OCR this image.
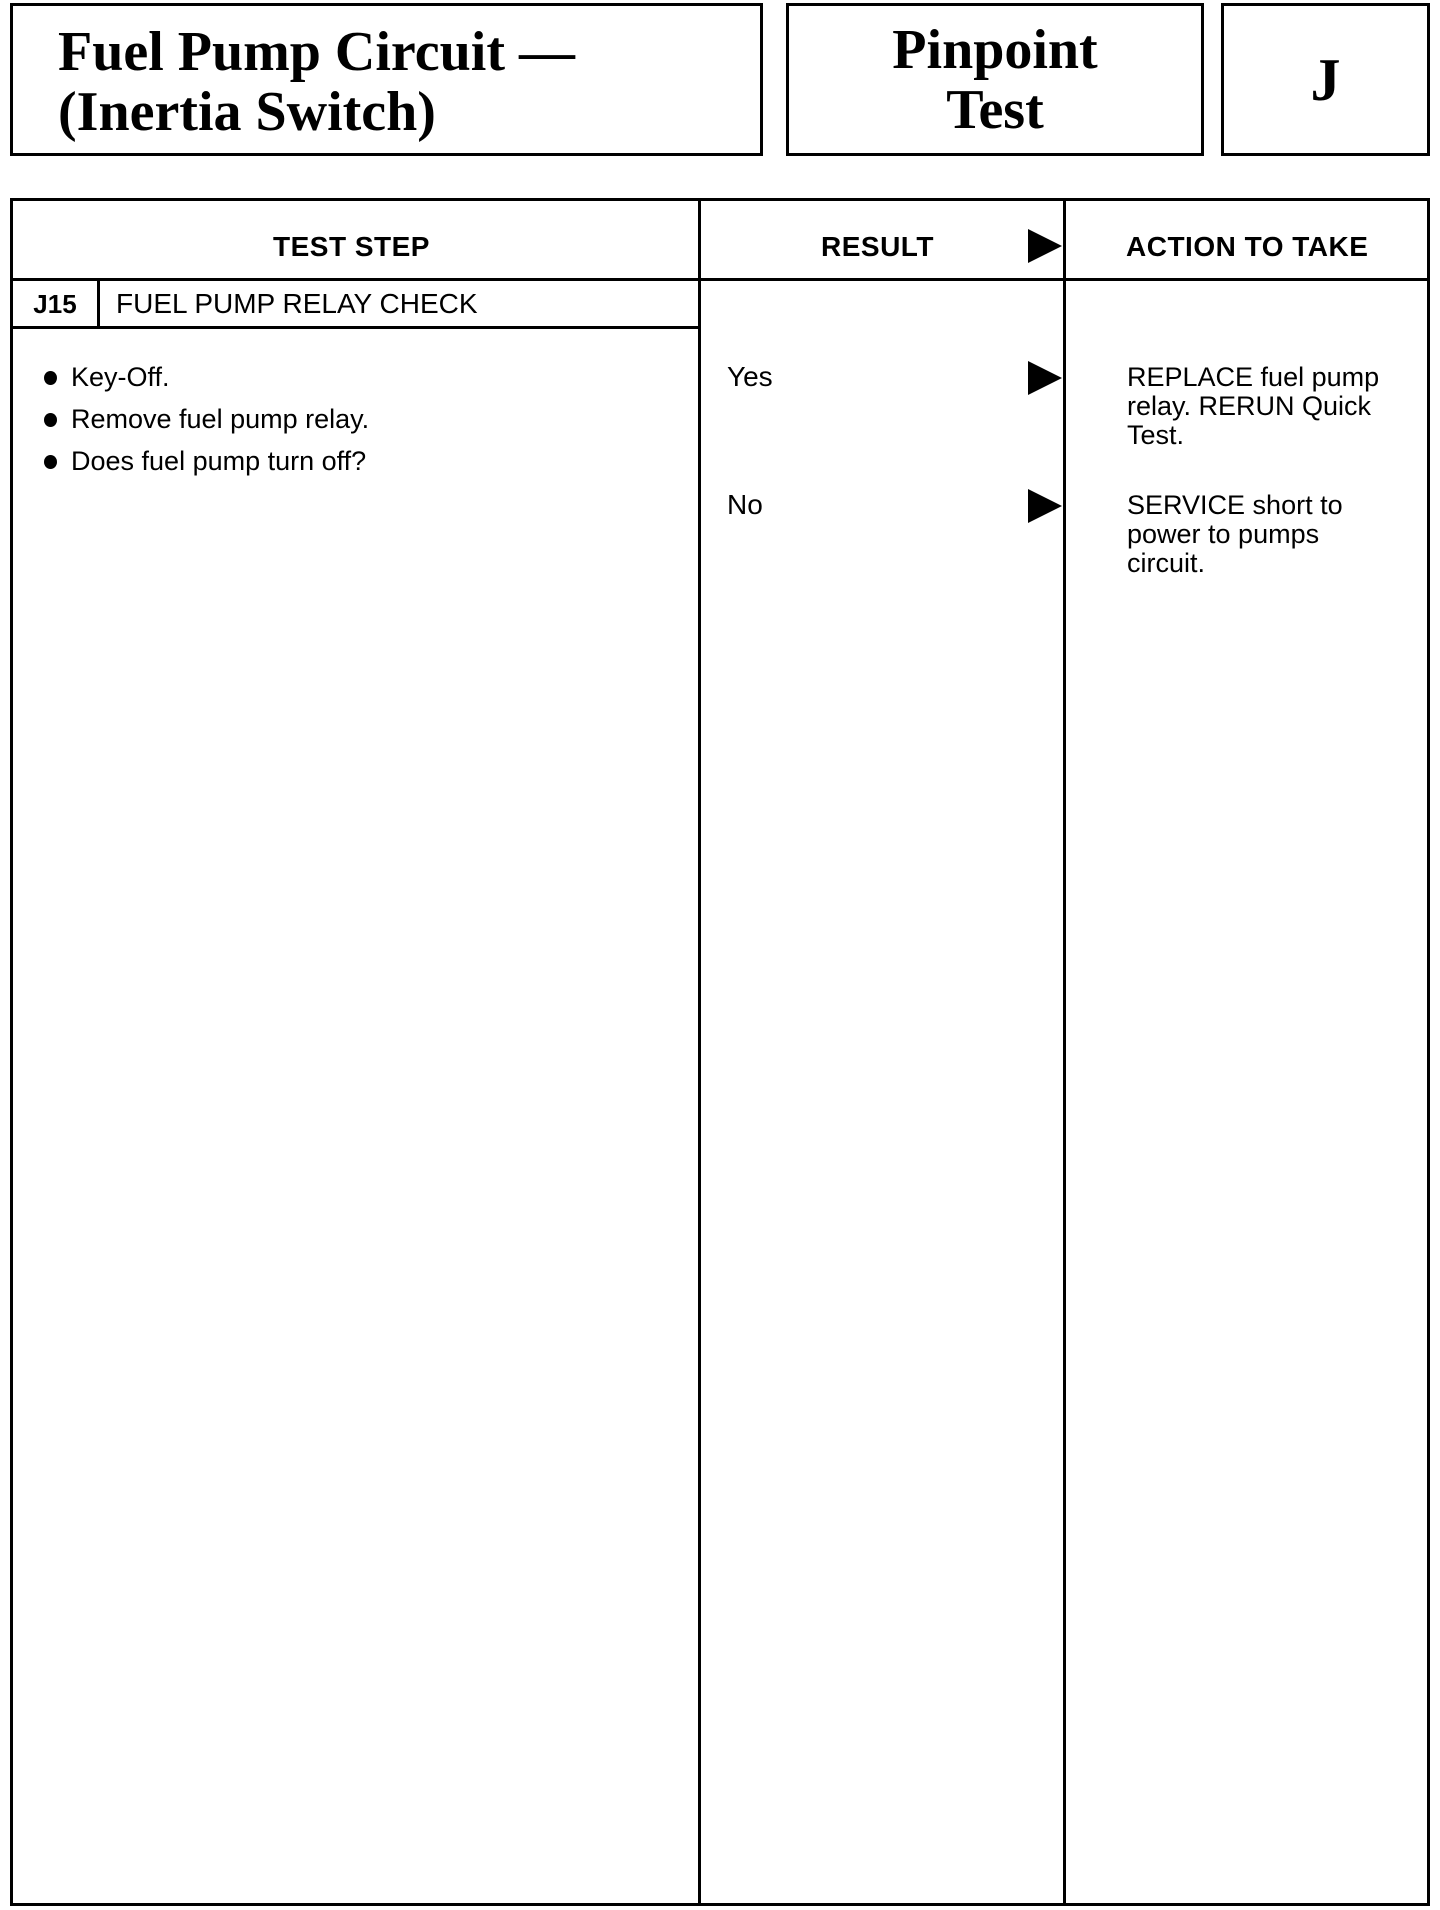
Fuel Pump Circuit —
(Inertia Switch)
Pinpoint
Test	J
TEST STEP	RESULT	ACTION TO TAKE
J15	FUEL PUMP RELAY CHECK
Key-Off.
Remove fuel pump relay.
Does fuel pump turn off?
Yes	REPLACE fuel pump
relay. RERUN Quick
Test.
No	SERVICE short to
power to pumps
circuit.
